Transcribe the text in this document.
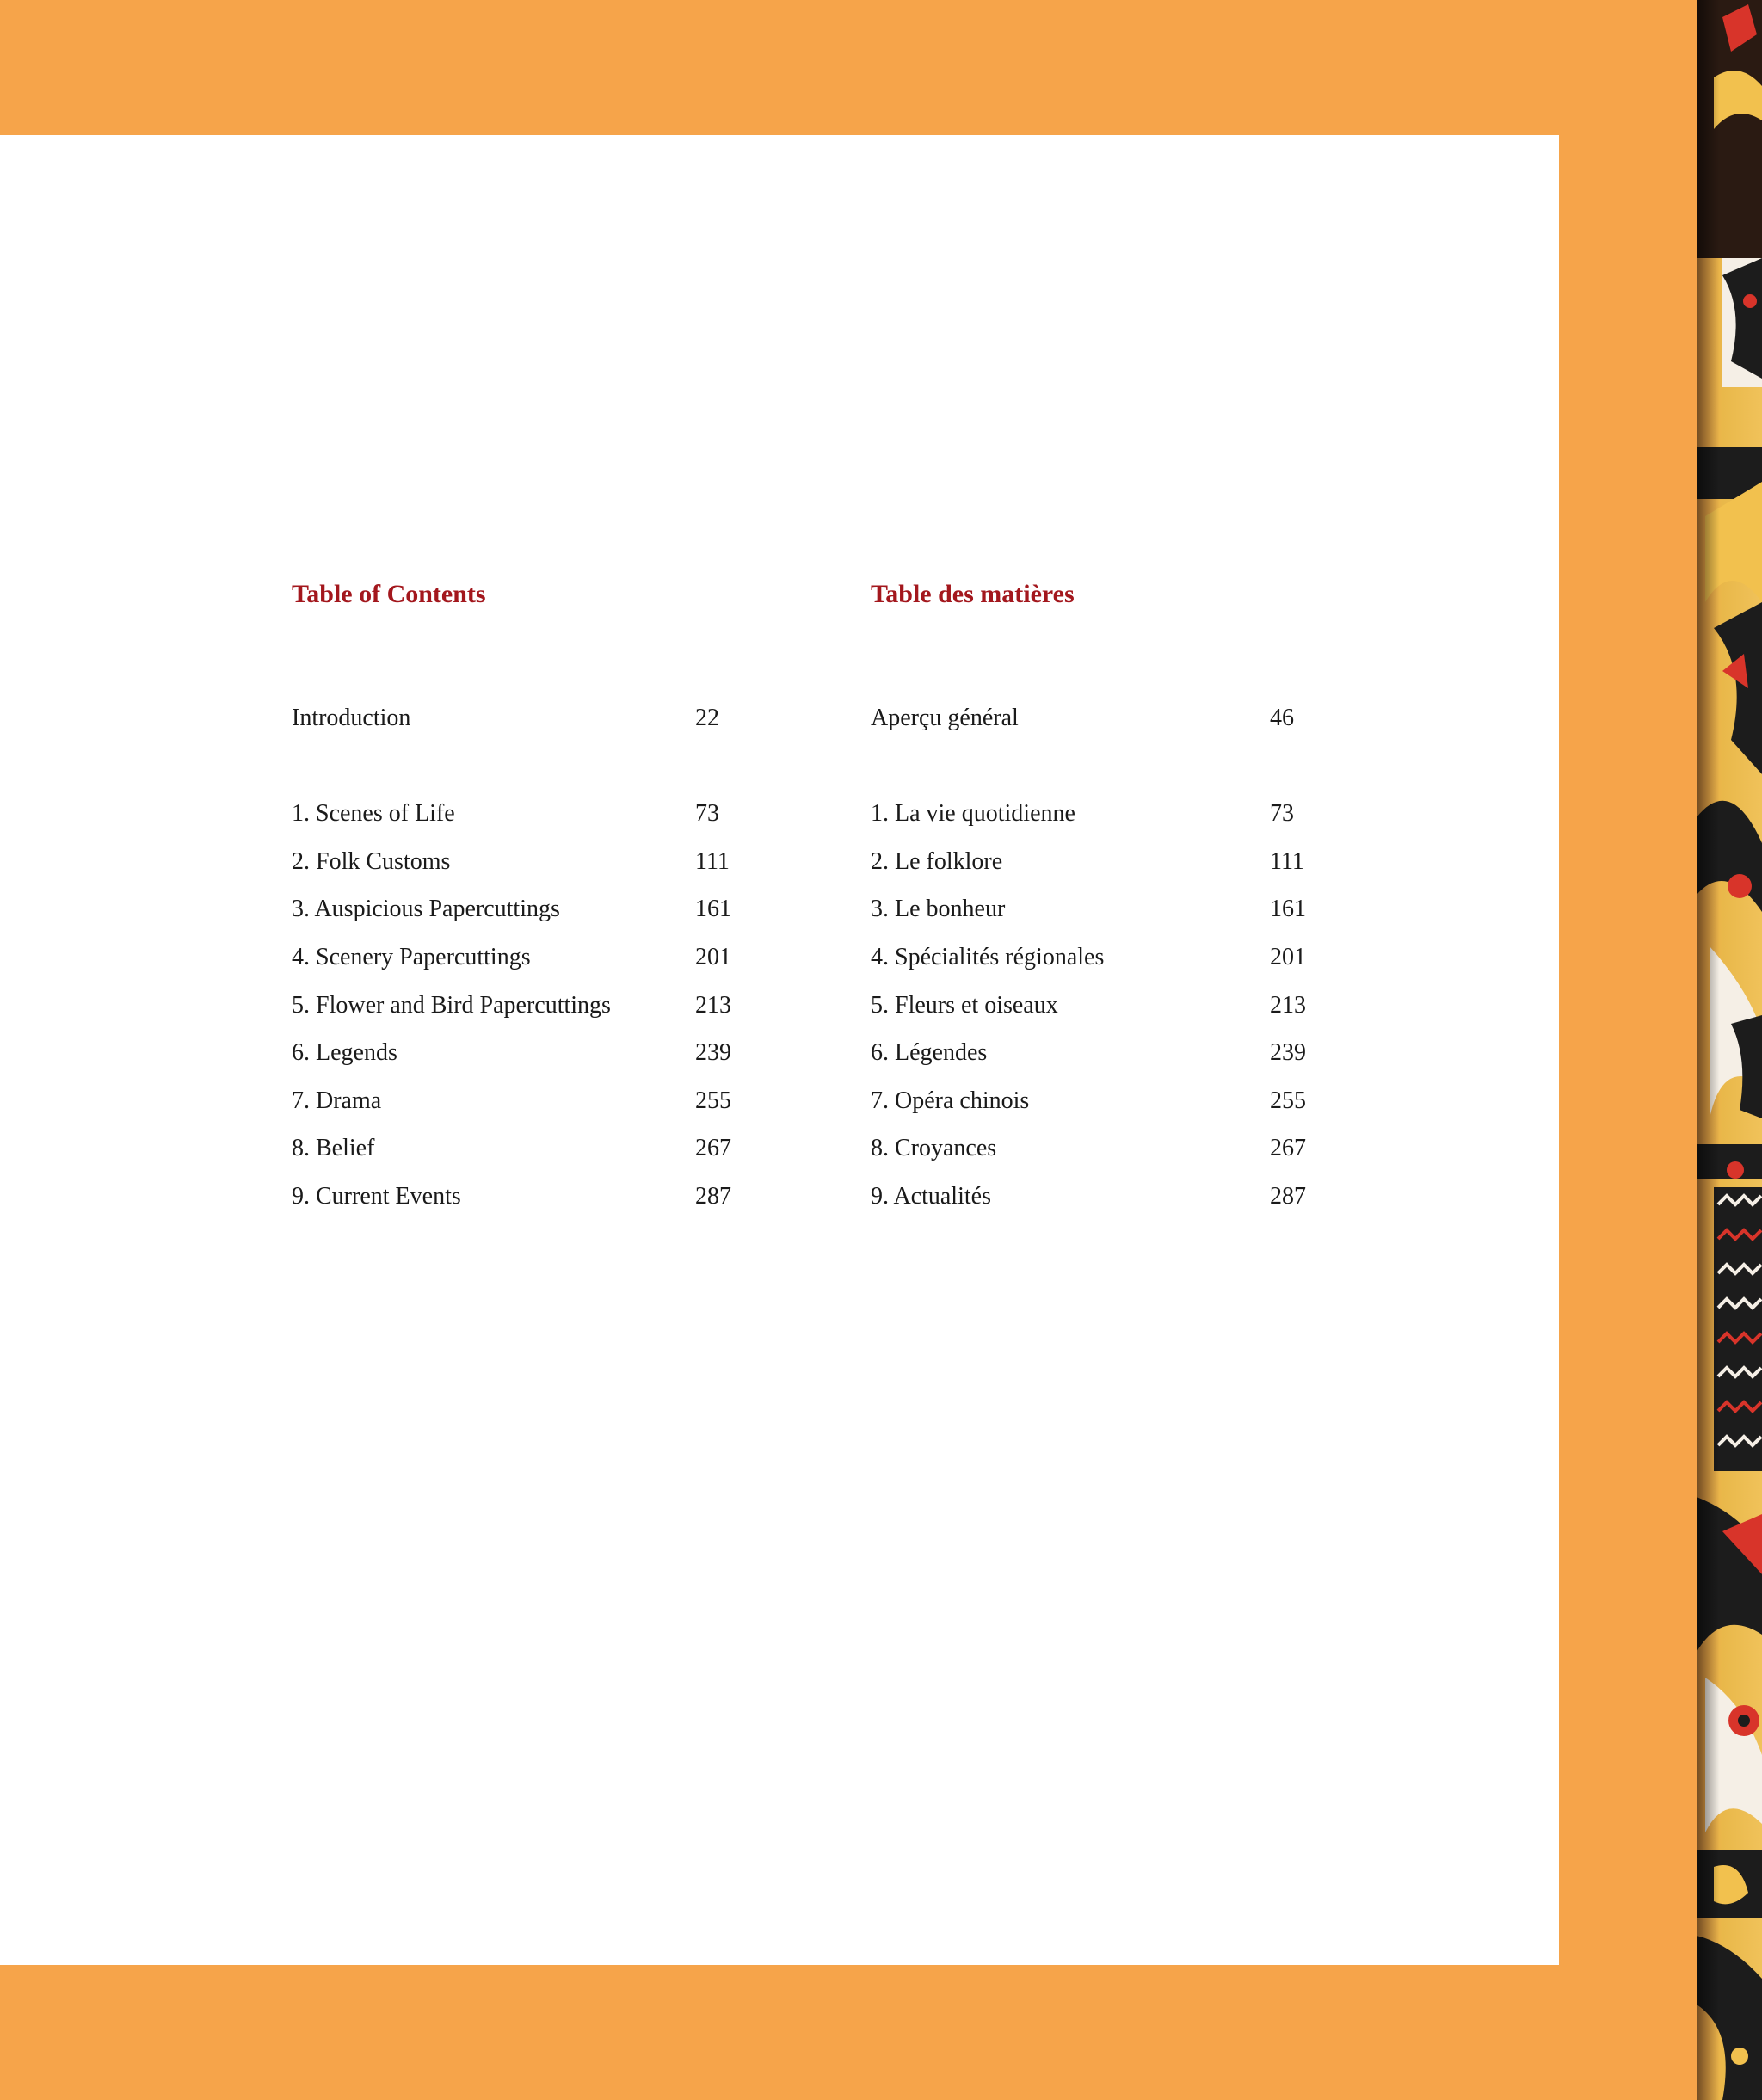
Table of Contents
Introduction	22
1. Scenes of Life	73
2. Folk Customs	111
3. Auspicious Papercuttings	161
4. Scenery Papercuttings	201
5. Flower and Bird Papercuttings	213
6. Legends	239
7. Drama	255
8. Belief	267
9. Current Events	287
Table des matières
Aperçu général	46
1. La vie quotidienne	73
2. Le folklore	111
3. Le bonheur	161
4. Spécialités régionales	201
5. Fleurs et oiseaux	213
6. Légendes	239
7. Opéra chinois	255
8. Croyances	267
9. Actualités	287
